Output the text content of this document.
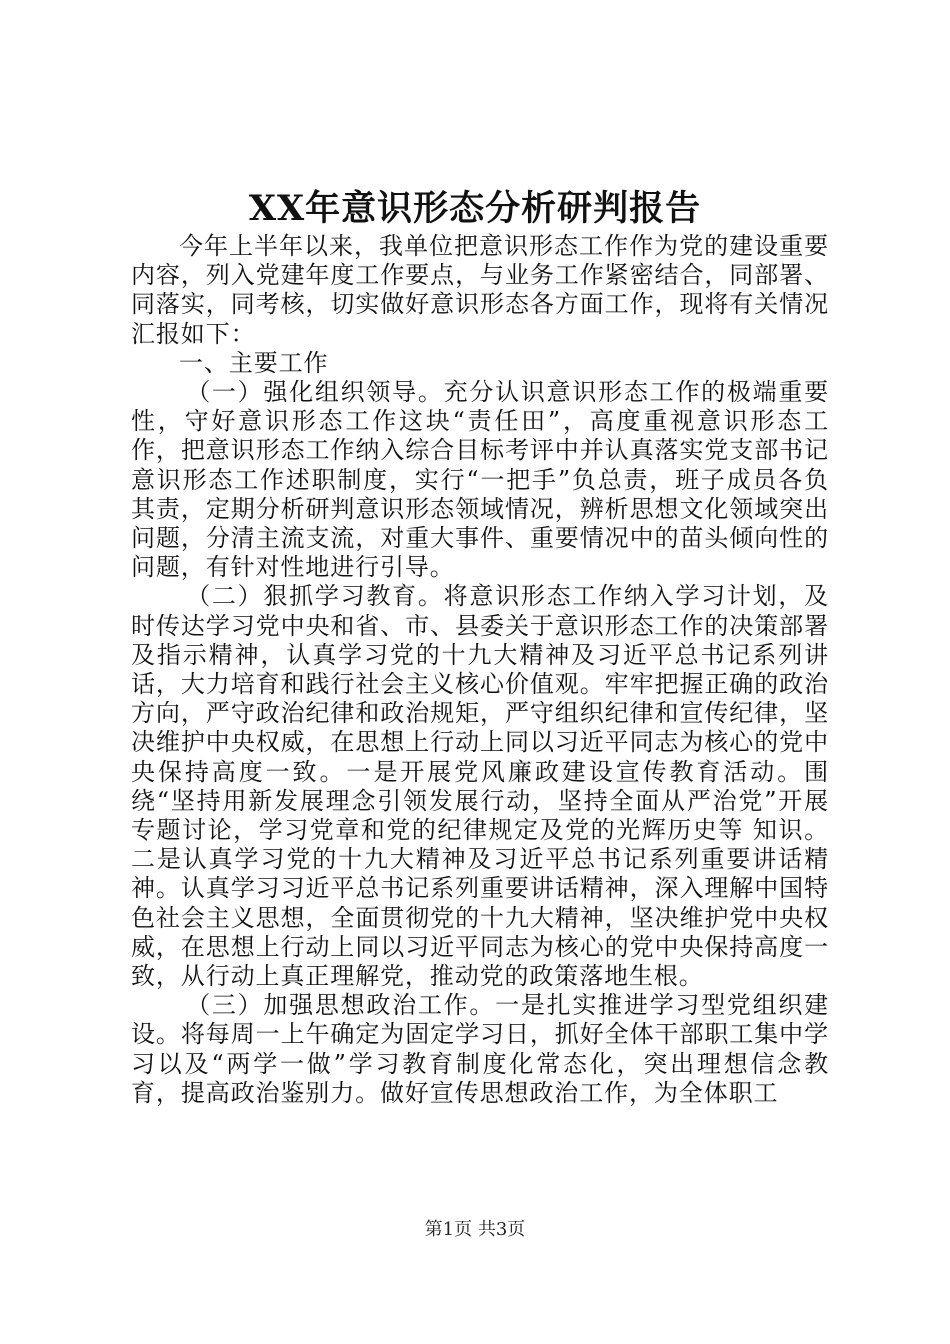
XX年意识形态分析研判报告

今年上半年以来，我单位把意识形态工作作为党的建设重要内容，列入党建年度工作要点，与业务工作紧密结合，同部署、同落实，同考核，切实做好意识形态各方面工作，现将有关情况汇报如下：

一、主要工作

（一）强化组织领导。充分认识意识形态工作的极端重要性，守好意识形态工作这块“责任田”，高度重视意识形态工作，把意识形态工作纳入综合目标考评中并认真落实党支部书记意识形态工作述职制度，实行“一把手”负总责，班子成员各负其责，定期分析研判意识形态领域情况，辨析思想文化领域突出问题，分清主流支流，对重大事件、重要情况中的苗头倾向性的问题，有针对性地进行引导。

（二）狠抓学习教育。将意识形态工作纳入学习计划，及时传达学习党中央和省、市、县委关于意识形态工作的决策部署及指示精神，认真学习党的十九大精神及习近平总书记系列讲话，大力培育和践行社会主义核心价值观。牢牢把握正确的政治方向，严守政治纪律和政治规矩，严守组织纪律和宣传纪律，坚决维护中央权威，在思想上行动上同以习近平同志为核心的党中央保持高度一致。一是开展党风廉政建设宣传教育活动。围绕“坚持用新发展理念引领发展行动，坚持全面从严治党”开展专题讨论，学习党章和党的纪律规定及党的光辉历史等 知识。二是认真学习党的十九大精神及习近平总书记系列重要讲话精神。认真学习习近平总书记系列重要讲话精神，深入理解中国特色社会主义思想，全面贯彻党的十九大精神，坚决维护党中央权威，在思想上行动上同以习近平同志为核心的党中央保持高度一致，从行动上真正理解党，推动党的政策落地生根。

（三）加强思想政治工作。一是扎实推进学习型党组织建设。将每周一上午确定为固定学习日，抓好全体干部职工集中学习以及“两学一做”学习教育制度化常态化，突出理想信念教育，提高政治鉴别力。做好宣传思想政治工作，为全体职工

第1页 共3页
